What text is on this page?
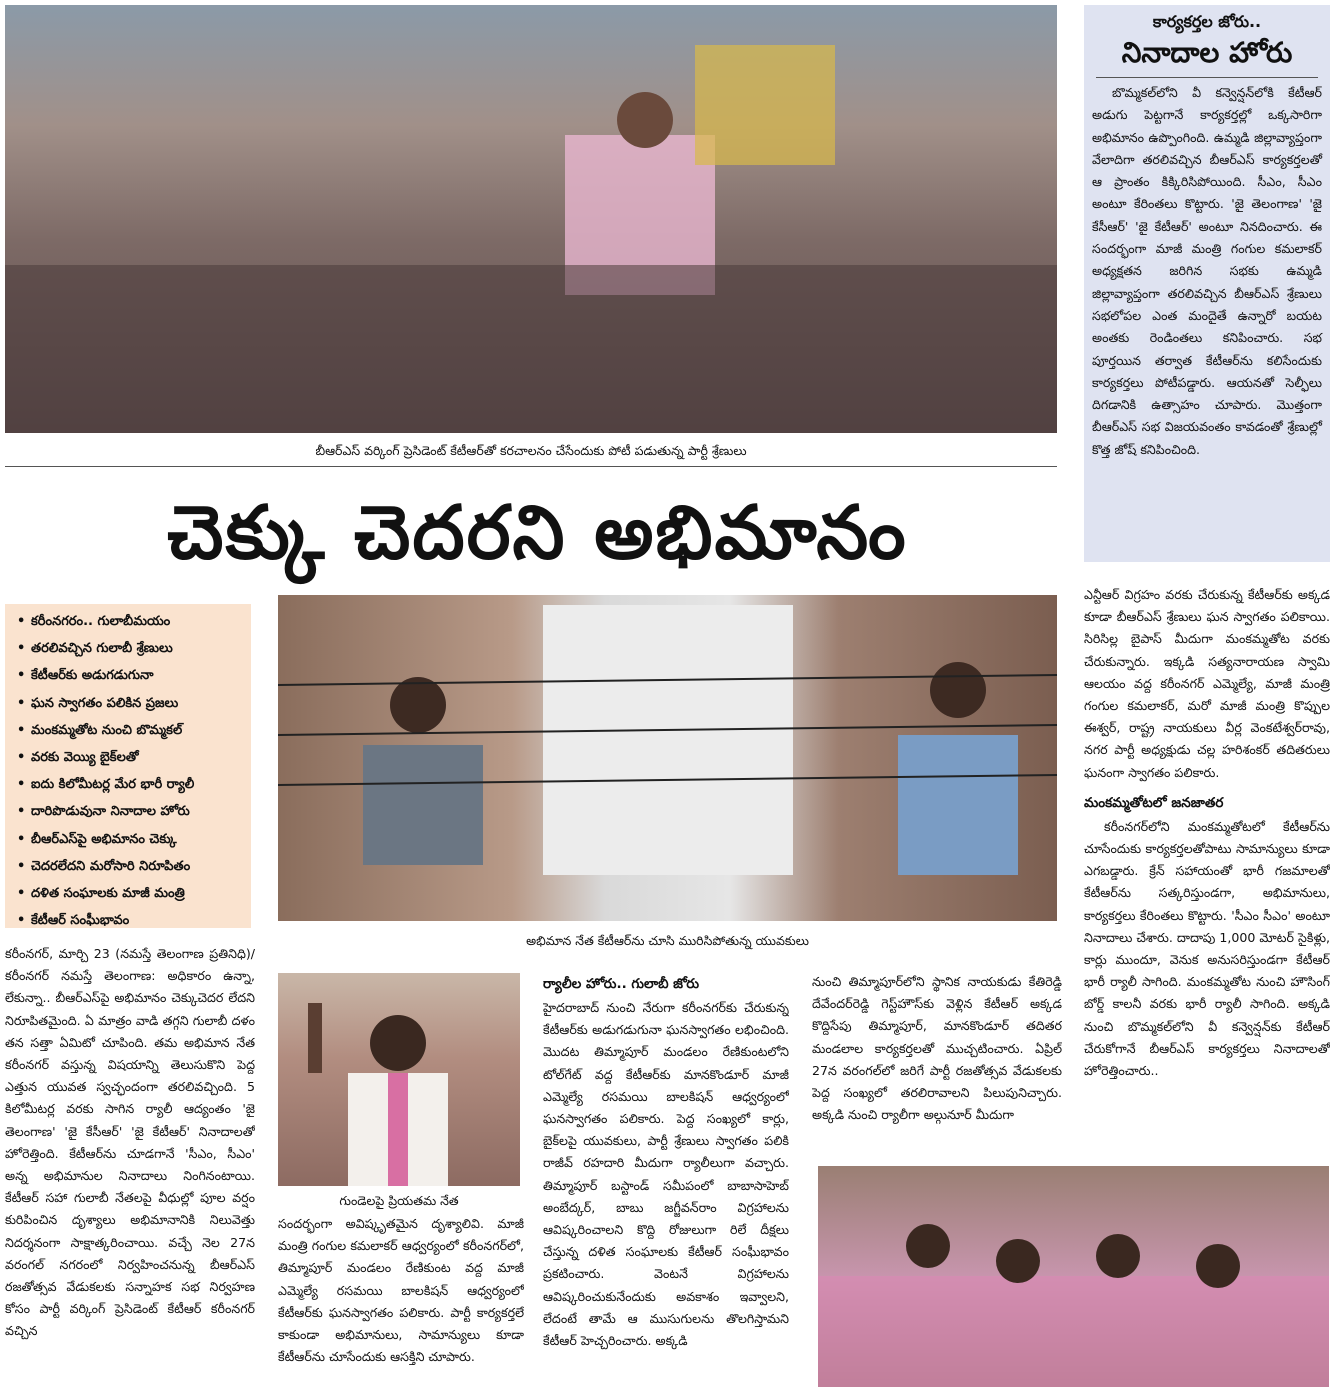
బీఆర్‌ఎస్ వర్కింగ్ ప్రెసిడెంట్ కేటీఆర్‌తో కరచాలనం చేసేందుకు పోటీ పడుతున్న పార్టీ శ్రేణులు
చెక్కు చెదరని అభిమానం
కార్యకర్తల జోరు..
నినాదాల హోరు

బొమ్మకల్‌లోని వీ కన్వెన్షన్‌లోకి కేటీఆర్ అడుగు పెట్టగానే కార్యకర్తల్లో ఒక్కసారిగా అభిమానం ఉప్పొంగింది. ఉమ్మడి జిల్లావ్యాప్తంగా వేలాదిగా తరలివచ్చిన బీఆర్‌ఎస్ కార్యకర్తలతో ఆ ప్రాంతం కిక్కిరిసిపోయింది. సీఎం, సీఎం అంటూ కేరింతలు కొట్టారు. 'జై తెలంగాణ' 'జై కేసీఆర్' 'జై కేటీఆర్' అంటూ నినదించారు. ఈ సందర్భంగా మాజీ మంత్రి గంగుల కమలాకర్ అధ్యక్షతన జరిగిన సభకు ఉమ్మడి జిల్లావ్యాప్తంగా తరలివచ్చిన బీఆర్‌ఎస్ శ్రేణులు సభలోపల ఎంత మందైతే ఉన్నారో బయట అంతకు రెండింతలు కనిపించారు. సభ పూర్తయిన తర్వాత కేటీఆర్‌ను కలిసేందుకు కార్యకర్తలు పోటీపడ్డారు. ఆయనతో సెల్ఫీలు దిగడానికి ఉత్సాహం చూపారు. మొత్తంగా బీఆర్‌ఎస్ సభ విజయవంతం కావడంతో శ్రేణుల్లో కొత్త జోష్ కనిపించింది.

• కరీంనగరం.. గులాబీమయం
• తరలివచ్చిన గులాబీ శ్రేణులు
• కేటీఆర్‌కు అడుగడుగునా
• ఘన స్వాగతం పలికిన ప్రజలు
• మంకమ్మతోట నుంచి బొమ్మకల్
• వరకు వెయ్యి బైక్‌లతో
• ఐదు కిలోమీటర్ల మేర భారీ ర్యాలీ
• దారిపొడువునా నినాదాల హోరు
• బీఆర్‌ఎస్‌పై అభిమానం చెక్కు
• చెదరలేదని మరోసారి నిరూపితం
• దళిత సంఘాలకు మాజీ మంత్రి
• కేటీఆర్ సంఘీభావం
అభిమాన నేత కేటీఆర్‌ను చూసి మురిసిపోతున్న యువకులు

కరీంనగర్, మార్చి 23 (నమస్తే తెలంగాణ ప్రతినిధి)/కరీంనగర్ నమస్తే తెలంగాణ: అధికారం ఉన్నా, లేకున్నా.. బీఆర్‌ఎస్‌పై అభిమానం చెక్కుచెదర లేదని నిరూపితమైంది. ఏ మాత్రం వాడి తగ్గని గులాబీ దళం తన సత్తా ఏమిటో చూపింది. తమ అభిమాన నేత కరీంనగర్ వస్తున్న విషయాన్ని తెలుసుకొని పెద్ద ఎత్తున యువత స్వచ్ఛందంగా తరలివచ్చింది. 5 కిలోమీటర్ల వరకు సాగిన ర్యాలీ ఆద్యంతం 'జై తెలంగాణ' 'జై కేసీఆర్' 'జై కేటీఆర్' నినాదాలతో హోరెత్తింది. కేటీఆర్‌ను చూడగానే 'సీఎం, సీఎం' అన్న అభిమానుల నినాదాలు నింగినంటాయి. కేటీఆర్ సహా గులాబీ నేతలపై వీధుల్లో పూల వర్షం కురిపించిన దృశ్యాలు అభిమానానికి నిలువెత్తు నిదర్శనంగా సాక్షాత్కరించాయి. వచ్చే నెల 27న వరంగల్ నగరంలో నిర్వహించనున్న బీఆర్‌ఎస్ రజతోత్సవ వేడుకలకు సన్నాహక సభ నిర్వహణ కోసం పార్టీ వర్కింగ్ ప్రెసిడెంట్ కేటీఆర్ కరీంనగర్ వచ్చిన

గుండెలపై ప్రియతమ నేత

సందర్భంగా అవిష్కృతమైన దృశ్యాలివి. మాజీ మంత్రి గంగుల కమలాకర్ ఆధ్వర్యంలో కరీంనగర్‌లో, తిమ్మాపూర్ మండలం రేణికుంట వద్ద మాజీ ఎమ్మెల్యే రసమయి బాలకిషన్ ఆధ్వర్యంలో కేటీఆర్‌కు ఘనస్వాగతం పలికారు. పార్టీ కార్యకర్తలే కాకుండా అభిమానులు, సామాన్యులు కూడా కేటీఆర్‌ను చూసేందుకు ఆసక్తిని చూపారు.

ర్యాలీల హోరు.. గులాబీ జోరు

హైదరాబాద్ నుంచి నేరుగా కరీంనగర్‌కు చేరుకున్న కేటీఆర్‌కు అడుగడుగునా ఘనస్వాగతం లభించింది. మొదట తిమ్మాపూర్ మండలం రేణికుంటలోని టోల్‌గేట్ వద్ద కేటీఆర్‌కు మానకొండూర్ మాజీ ఎమ్మెల్యే రసమయి బాలకిషన్ ఆధ్వర్యంలో ఘనస్వాగతం పలికారు. పెద్ద సంఖ్యలో కార్లు, బైక్‌లపై యువకులు, పార్టీ శ్రేణులు స్వాగతం పలికి రాజీవ్ రహదారి మీదుగా ర్యాలీలుగా వచ్చారు. తిమ్మాపూర్ బస్టాండ్ సమీపంలో బాబాసాహెబ్ అంబేద్కర్, బాబు జగ్జీవన్‌రాం విగ్రహాలను ఆవిష్కరించాలని కొద్ది రోజులుగా రిలే దీక్షలు చేస్తున్న దళిత సంఘాలకు కేటీఆర్ సంఘీభావం ప్రకటించారు. వెంటనే విగ్రహాలను ఆవిష్కరించుకునేందుకు అవకాశం ఇవ్వాలని, లేదంటే తామే ఆ ముసుగులను తొలగిస్తామని కేటీఆర్ హెచ్చరించారు. అక్కడి

నుంచి తిమ్మాపూర్‌లోని స్థానిక నాయకుడు కేతిరెడ్డి దేవేందర్‌రెడ్డి గెస్ట్‌హౌస్‌కు వెళ్లిన కేటీఆర్ అక్కడ కొద్దిసేపు తిమ్మాపూర్, మానకొండూర్ తదితర మండలాల కార్యకర్తలతో ముచ్చటించారు. ఏప్రిల్ 27న వరంగల్‌లో జరిగే పార్టీ రజతోత్సవ వేడుకలకు పెద్ద సంఖ్యలో తరలిరావాలని పిలుపునిచ్చారు. అక్కడి నుంచి ర్యాలీగా అల్గునూర్ మీదుగా

ఎన్టీఆర్ విగ్రహం వరకు చేరుకున్న కేటీఆర్‌కు అక్కడ కూడా బీఆర్‌ఎస్ శ్రేణులు ఘన స్వాగతం పలికాయి. సిరిసిల్ల బైపాస్ మీదుగా మంకమ్మతోట వరకు చేరుకున్నారు. ఇక్కడి సత్యనారాయణ స్వామి ఆలయం వద్ద కరీంనగర్ ఎమ్మెల్యే, మాజీ మంత్రి గంగుల కమలాకర్, మరో మాజీ మంత్రి కొప్పుల ఈశ్వర్, రాష్ట్ర నాయకులు వీర్ల వెంకటేశ్వర్‌రావు, నగర పార్టీ అధ్యక్షుడు చల్ల హరిశంకర్ తదితరులు ఘనంగా స్వాగతం పలికారు.

మంకమ్మతోటలో జనజాతర

కరీంనగర్‌లోని మంకమ్మతోటలో కేటీఆర్‌ను చూసేందుకు కార్యకర్తలతోపాటు సామాన్యులు కూడా ఎగబడ్డారు. క్రేన్ సహాయంతో భారీ గజమాలతో కేటీఆర్‌ను సత్కరిస్తుండగా, అభిమానులు, కార్యకర్తలు కేరింతలు కొట్టారు. 'సీఎం సీఎం' అంటూ నినాదాలు చేశారు. దాదాపు 1,000 మోటర్ సైకిళ్లు, కార్లు ముందూ, వెనుక అనుసరిస్తుండగా కేటీఆర్ భారీ ర్యాలీ సాగింది. మంకమ్మతోట నుంచి హౌసింగ్ బోర్డ్ కాలనీ వరకు భారీ ర్యాలీ సాగింది. అక్కడి నుంచి బొమ్మకల్‌లోని వీ కన్వెన్షన్‌కు కేటీఆర్ చేరుకోగానే బీఆర్‌ఎస్ కార్యకర్తలు నినాదాలతో హోరెత్తించారు..
